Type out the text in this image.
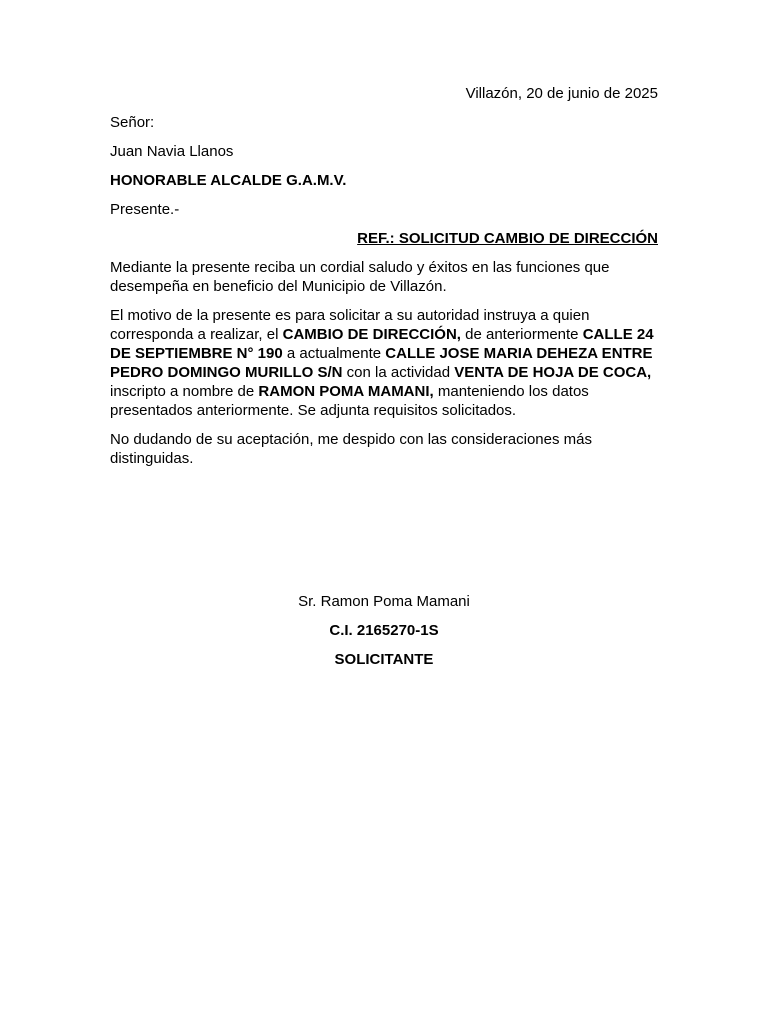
Villazón, 20 de junio de 2025
Señor:
Juan Navia Llanos
HONORABLE ALCALDE G.A.M.V.
Presente.-
REF.: SOLICITUD CAMBIO DE DIRECCIÓN
Mediante la presente reciba un cordial saludo y éxitos en las funciones que desempeña en beneficio del Municipio de Villazón.
El motivo de la presente es para solicitar a su autoridad instruya a quien corresponda a realizar, el CAMBIO DE DIRECCIÓN, de anteriormente CALLE 24 DE SEPTIEMBRE N° 190 a actualmente CALLE JOSE MARIA DEHEZA ENTRE PEDRO DOMINGO MURILLO S/N con la actividad VENTA DE HOJA DE COCA, inscripto a nombre de RAMON POMA MAMANI, manteniendo los datos presentados anteriormente. Se adjunta requisitos solicitados.
No dudando de su aceptación, me despido con las consideraciones más distinguidas.
Sr. Ramon Poma Mamani
C.I. 2165270-1S
SOLICITANTE
